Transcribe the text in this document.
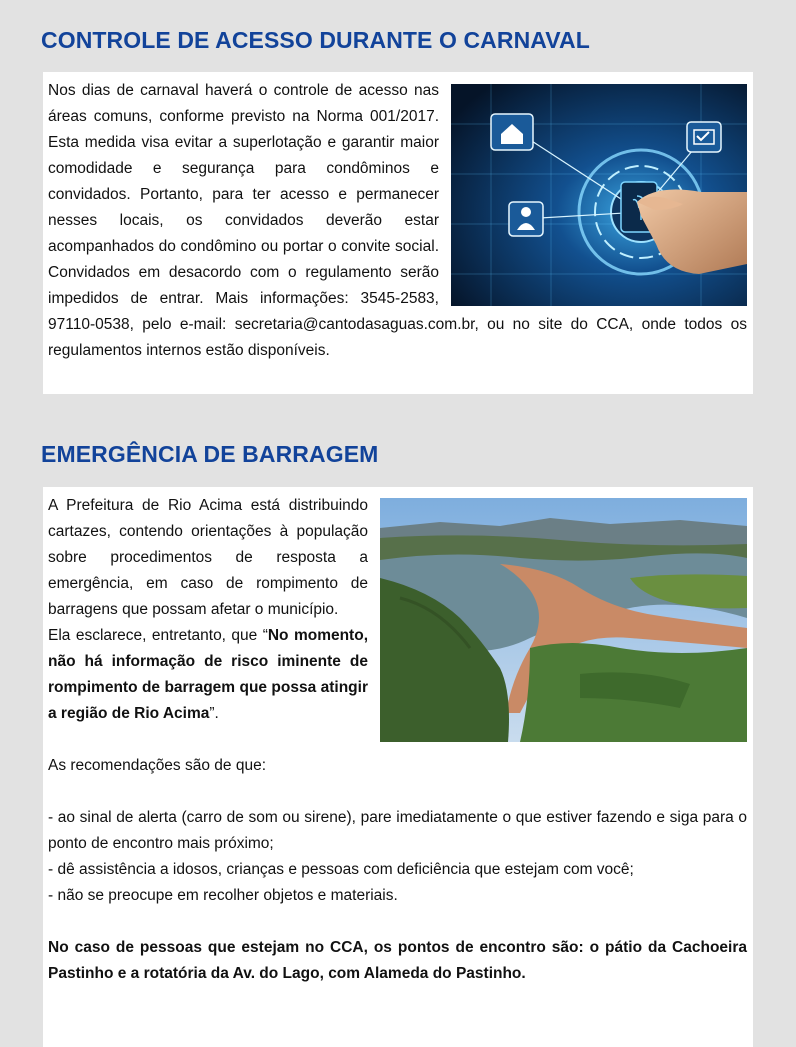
CONTROLE DE ACESSO DURANTE O CARNAVAL

Nos dias de carnaval haverá o controle de acesso nas áreas comuns, conforme previsto na Norma 001/2017. Esta medida visa evitar a superlotação e garantir maior comodidade e segurança para condôminos e convidados. Portanto, para ter acesso e permanecer nesses locais, os convidados deverão estar acompanhados do condômino ou portar o convite social. Convidados em desacordo com o regulamento serão impedidos de entrar. Mais informações: 3545-2583, 97110-0538, pelo e-mail: secretaria@cantodasaguas.com.br, ou no site do CCA, onde todos os regulamentos internos estão disponíveis.

EMERGÊNCIA DE BARRAGEM

A Prefeitura de Rio Acima está distribuindo cartazes, contendo orientações à população sobre procedimentos de resposta a emergência, em caso de rompimento de barragens que possam afetar o município.

Ela esclarece, entretanto, que “No momento, não há informação de risco iminente de rompimento de barragem que possa atingir a região de Rio Acima”.

As recomendações são de que:

- ao sinal de alerta (carro de som ou sirene), pare imediatamente o que estiver fazendo e siga para o ponto de encontro mais próximo;

- dê assistência a idosos, crianças e pessoas com deficiência que estejam com você;

- não se preocupe em recolher objetos e materiais.

No caso de pessoas que estejam no CCA, os pontos de encontro são: o pátio da Cachoeira Pastinho e a rotatória da Av. do Lago, com Alameda do Pastinho.
